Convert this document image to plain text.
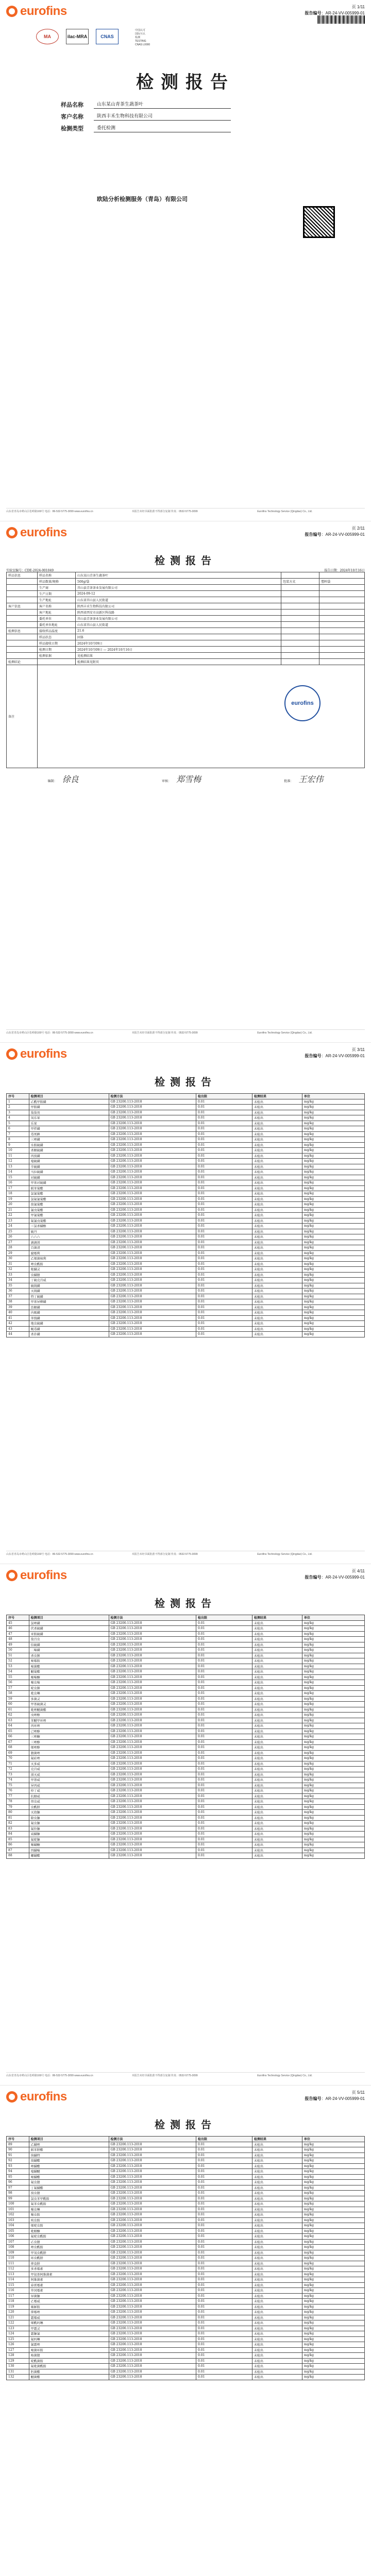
eurofins	页 1/11
报告编号：AR-24-VV-005999-01
MA	ilac-MRA	CNAS
中国认可
国际互认
检测
TESTING
CNAS L0000
检测报告
样品名称	山东某山青茶生蔬茶叶
客户名称	陕西丰禾生物科技有限公司
检测类型	委托检测
欧陆分析检测服务（青岛）有限公司
山东省青岛市崂山区松岭路169号 电话：86-532-5775-3099 www.eurofins.cn	本报告未经书面批准不得部分复制 传真：0532-5775-3099	Eurofins Technology Service (Qingdao) Co., Ltd.
eurofins	页 2/11
报告编号：AR-24-VV-005999-01
检测报告
实验室编号：CDE-2024-001049	报告日期：2024年10月16日
样品信息	样品名称	山东某山青茶生蔬茶叶		
	样品数量/规格	500g/袋	包装方式	塑料袋
	生产商	莒山县青茶茶业发展有限公司		
	生产日期	2024-09-12		
	生产地址	山东省莒山县人民街道		
客户信息	客户名称	陕西丰禾生物科技有限公司		
	客户地址	陕西省西安市高新区科技路		
	委托单位	莒山县青茶茶业发展有限公司		
	委托单位地址	山东省莒山县人民街道		
检测信息	接收样品温度	21.6		
	样品状态	固体		
	样品接收日期	2024年10月09日		
	检测日期	2024年10月09日 — 2024年10月16日		
	检测依据	见检测结果		
检测结论		检测结果见附页		
备注				
eurofins
编制： 徐良	审核： 郑雪梅	批准： 王宏伟
山东省青岛市崂山区松岭路169号 电话：86-532-5775-3099 www.eurofins.cn	本报告未经书面批准不得部分复制 传真：0532-5775-3099	Eurofins Technology Service (Qingdao) Co., Ltd.
eurofins	页 3/11
报告编号：AR-24-VV-005999-01
检测报告
序号	检测项目	检测方法	检出限	检测结果	单位
1	乙酰甲胺磷	GB 23200.113-2018	0.01	未检出	mg/kg
2	甲胺磷	GB 23200.113-2018	0.01	未检出	mg/kg
3	敌敌畏	GB 23200.113-2018	0.01	未检出	mg/kg
4	氧乐果	GB 23200.113-2018	0.01	未检出	mg/kg
5	乐果	GB 23200.113-2018	0.01	未检出	mg/kg
6	甲拌磷	GB 23200.113-2018	0.01	未检出	mg/kg
7	毒死蜱	GB 23200.113-2018	0.01	未检出	mg/kg
8	三唑磷	GB 23200.113-2018	0.01	未检出	mg/kg
9	水胺硫磷	GB 23200.113-2018	0.01	未检出	mg/kg
10	杀螟硫磷	GB 23200.113-2018	0.01	未检出	mg/kg
11	丙溴磷	GB 23200.113-2018	0.01	未检出	mg/kg
12	喹硫磷	GB 23200.113-2018	0.01	未检出	mg/kg
13	辛硫磷	GB 23200.113-2018	0.01	未检出	mg/kg
14	马拉硫磷	GB 23200.113-2018	0.01	未检出	mg/kg
15	对硫磷	GB 23200.113-2018	0.01	未检出	mg/kg
16	甲基对硫磷	GB 23200.113-2018	0.01	未检出	mg/kg
17	联苯菊酯	GB 23200.113-2018	0.01	未检出	mg/kg
18	氯氰菊酯	GB 23200.113-2018	0.01	未检出	mg/kg
19	氯氟氰菊酯	GB 23200.113-2018	0.01	未检出	mg/kg
20	溴氰菊酯	GB 23200.113-2018	0.01	未检出	mg/kg
21	氰戊菊酯	GB 23200.113-2018	0.01	未检出	mg/kg
22	甲氰菊酯	GB 23200.113-2018	0.01	未检出	mg/kg
23	氟氰戊菊酯	GB 23200.113-2018	0.01	未检出	mg/kg
24	三氯杀螨醇	GB 23200.113-2018	0.01	未检出	mg/kg
25	硫丹	GB 23200.113-2018	0.01	未检出	mg/kg
26	六六六	GB 23200.113-2018	0.01	未检出	mg/kg
27	滴滴涕	GB 23200.113-2018	0.01	未检出	mg/kg
28	百菌清	GB 23200.113-2018	0.01	未检出	mg/kg
29	腐霉利	GB 23200.113-2018	0.01	未检出	mg/kg
30	乙烯菌核利	GB 23200.113-2018	0.01	未检出	mg/kg
31	唑虫酰胺	GB 23200.113-2018	0.01	未检出	mg/kg
32	哒螨灵	GB 23200.113-2018	0.01	未检出	mg/kg
33	虫螨腈	GB 23200.113-2018	0.01	未检出	mg/kg
34	丁硫克百威	GB 23200.113-2018	0.01	未检出	mg/kg
35	硫线磷	GB 23200.113-2018	0.01	未检出	mg/kg
36	灭线磷	GB 23200.113-2018	0.01	未检出	mg/kg
37	特丁硫磷	GB 23200.113-2018	0.01	未检出	mg/kg
38	甲基异柳磷	GB 23200.113-2018	0.01	未检出	mg/kg
39	治螟磷	GB 23200.113-2018	0.01	未检出	mg/kg
40	内吸磷	GB 23200.113-2018	0.01	未检出	mg/kg
41	苯线磷	GB 23200.113-2018	0.01	未检出	mg/kg
42	地虫硫磷	GB 23200.113-2018	0.01	未检出	mg/kg
43	蝇毒磷	GB 23200.113-2018	0.01	未检出	mg/kg
44	杀扑磷	GB 23200.113-2018	0.01	未检出	mg/kg
山东省青岛市崂山区松岭路169号 电话：86-532-5775-3099 www.eurofins.cn	本报告未经书面批准不得部分复制 传真：0532-5775-3099	Eurofins Technology Service (Qingdao) Co., Ltd.
eurofins	页 4/11
报告编号：AR-24-VV-005999-01
检测报告
序号	检测项目	检测方法	检出限	检测结果	单位
45	氯唑磷	GB 23200.113-2018	0.01	未检出	mg/kg
46	伏杀硫磷	GB 23200.113-2018	0.01	未检出	mg/kg
47	亚胺硫磷	GB 23200.113-2018	0.01	未检出	mg/kg
48	敌百虫	GB 23200.113-2018	0.01	未检出	mg/kg
49	倍硫磷	GB 23200.113-2018	0.01	未检出	mg/kg
50	二嗪磷	GB 23200.113-2018	0.01	未检出	mg/kg
51	杀虫脒	GB 23200.113-2018	0.01	未检出	mg/kg
52	嘧霉胺	GB 23200.113-2018	0.01	未检出	mg/kg
53	嘧菌酯	GB 23200.113-2018	0.01	未检出	mg/kg
54	醚菊酯	GB 23200.113-2018	0.01	未检出	mg/kg
55	噻嗪酮	GB 23200.113-2018	0.01	未检出	mg/kg
56	噻虫嗪	GB 23200.113-2018	0.01	未检出	mg/kg
57	啶虫脒	GB 23200.113-2018	0.01	未检出	mg/kg
58	吡虫啉	GB 23200.113-2018	0.01	未检出	mg/kg
59	多菌灵	GB 23200.113-2018	0.01	未检出	mg/kg
60	甲基硫菌灵	GB 23200.113-2018	0.01	未检出	mg/kg
61	吡唑醚菌酯	GB 23200.113-2018	0.01	未检出	mg/kg
62	戊唑醇	GB 23200.113-2018	0.01	未检出	mg/kg
63	苯醚甲环唑	GB 23200.113-2018	0.01	未检出	mg/kg
64	丙环唑	GB 23200.113-2018	0.01	未检出	mg/kg
65	己唑醇	GB 23200.113-2018	0.01	未检出	mg/kg
66	三唑酮	GB 23200.113-2018	0.01	未检出	mg/kg
67	三唑醇	GB 23200.113-2018	0.01	未检出	mg/kg
68	烯唑醇	GB 23200.113-2018	0.01	未检出	mg/kg
69	腈菌唑	GB 23200.113-2018	0.01	未检出	mg/kg
70	氟硅唑	GB 23200.113-2018	0.01	未检出	mg/kg
71	灭多威	GB 23200.113-2018	0.01	未检出	mg/kg
72	克百威	GB 23200.113-2018	0.01	未检出	mg/kg
73	涕灭威	GB 23200.113-2018	0.01	未检出	mg/kg
74	甲萘威	GB 23200.113-2018	0.01	未检出	mg/kg
75	异丙威	GB 23200.113-2018	0.01	未检出	mg/kg
76	仲丁威	GB 23200.113-2018	0.01	未检出	mg/kg
77	抗蚜威	GB 23200.113-2018	0.01	未检出	mg/kg
78	茚虫威	GB 23200.113-2018	0.01	未检出	mg/kg
79	虫酰肼	GB 23200.113-2018	0.01	未检出	mg/kg
80	灭幼脲	GB 23200.113-2018	0.01	未检出	mg/kg
81	除虫脲	GB 23200.113-2018	0.01	未检出	mg/kg
82	氟虫脲	GB 23200.113-2018	0.01	未检出	mg/kg
83	氟铃脲	GB 23200.113-2018	0.01	未检出	mg/kg
84	虱螨脲	GB 23200.113-2018	0.01	未检出	mg/kg
85	氟啶脲	GB 23200.113-2018	0.01	未检出	mg/kg
86	噻螨酮	GB 23200.113-2018	0.01	未检出	mg/kg
87	四螨嗪	GB 23200.113-2018	0.01	未检出	mg/kg
88	螺螨酯	GB 23200.113-2018	0.01	未检出	mg/kg
山东省青岛市崂山区松岭路169号 电话：86-532-5775-3099 www.eurofins.cn	本报告未经书面批准不得部分复制 传真：0532-5775-3099	Eurofins Technology Service (Qingdao) Co., Ltd.
eurofins	页 5/11
报告编号：AR-24-VV-005999-01
检测报告
序号	检测项目	检测方法	检出限	检测结果	单位
89	乙螨唑	GB 23200.113-2018	0.01	未检出	mg/kg
90	联苯肼酯	GB 23200.113-2018	0.01	未检出	mg/kg
91	炔螨特	GB 23200.113-2018	0.01	未检出	mg/kg
92	溴螨酯	GB 23200.113-2018	0.01	未检出	mg/kg
93	唑螨酯	GB 23200.113-2018	0.01	未检出	mg/kg
94	喹螨醚	GB 23200.113-2018	0.01	未检出	mg/kg
95	嘧螨酯	GB 23200.113-2018	0.01	未检出	mg/kg
96	氟虫腈	GB 23200.113-2018	0.01	未检出	mg/kg
97	丁氟螨酯	GB 23200.113-2018	0.01	未检出	mg/kg
98	溴虫腈	GB 23200.113-2018	0.01	未检出	mg/kg
99	氯虫苯甲酰胺	GB 23200.113-2018	0.01	未检出	mg/kg
100	氟苯虫酰胺	GB 23200.113-2018	0.01	未检出	mg/kg
101	噻虫啉	GB 23200.113-2018	0.01	未检出	mg/kg
102	噻虫胺	GB 23200.113-2018	0.01	未检出	mg/kg
103	呋虫胺	GB 23200.113-2018	0.01	未检出	mg/kg
104	烯啶虫胺	GB 23200.113-2018	0.01	未检出	mg/kg
105	吡蚜酮	GB 23200.113-2018	0.01	未检出	mg/kg
106	氟啶虫酰胺	GB 23200.113-2018	0.01	未检出	mg/kg
107	乙虫腈	GB 23200.113-2018	0.01	未检出	mg/kg
108	唑虫酰胺	GB 23200.113-2018	0.01	未检出	mg/kg
109	甲氧虫酰肼	GB 23200.113-2018	0.01	未检出	mg/kg
110	环虫酰肼	GB 23200.113-2018	0.01	未检出	mg/kg
111	抑食肼	GB 23200.113-2018	0.01	未检出	mg/kg
112	多杀霉素	GB 23200.113-2018	0.01	未检出	mg/kg
113	甲氨基阿维菌素	GB 23200.113-2018	0.01	未检出	mg/kg
114	阿维菌素	GB 23200.113-2018	0.01	未检出	mg/kg
115	春雷霉素	GB 23200.113-2018	0.01	未检出	mg/kg
116	井冈霉素	GB 23200.113-2018	0.01	未检出	mg/kg
117	异菌脲	GB 23200.113-2018	0.01	未检出	mg/kg
118	乙霉威	GB 23200.113-2018	0.01	未检出	mg/kg
119	咪鲜胺	GB 23200.113-2018	0.01	未检出	mg/kg
120	抑霉唑	GB 23200.113-2018	0.01	未检出	mg/kg
121	霜霉威	GB 23200.113-2018	0.01	未检出	mg/kg
122	烯酰吗啉	GB 23200.113-2018	0.01	未检出	mg/kg
123	甲霜灵	GB 23200.113-2018	0.01	未检出	mg/kg
124	霜脲氰	GB 23200.113-2018	0.01	未检出	mg/kg
125	氟吗啉	GB 23200.113-2018	0.01	未检出	mg/kg
126	氰霜唑	GB 23200.113-2018	0.01	未检出	mg/kg
127	嘧菌环胺	GB 23200.113-2018	0.01	未检出	mg/kg
128	咯菌腈	GB 23200.113-2018	0.01	未检出	mg/kg
129	啶酰菌胺	GB 23200.113-2018	0.01	未检出	mg/kg
130	氟吡菌酰胺	GB 23200.113-2018	0.01	未检出	mg/kg
131	肟菌酯	GB 23200.113-2018	0.01	未检出	mg/kg
132	醚菌酯	GB 23200.113-2018	0.01	未检出	mg/kg
